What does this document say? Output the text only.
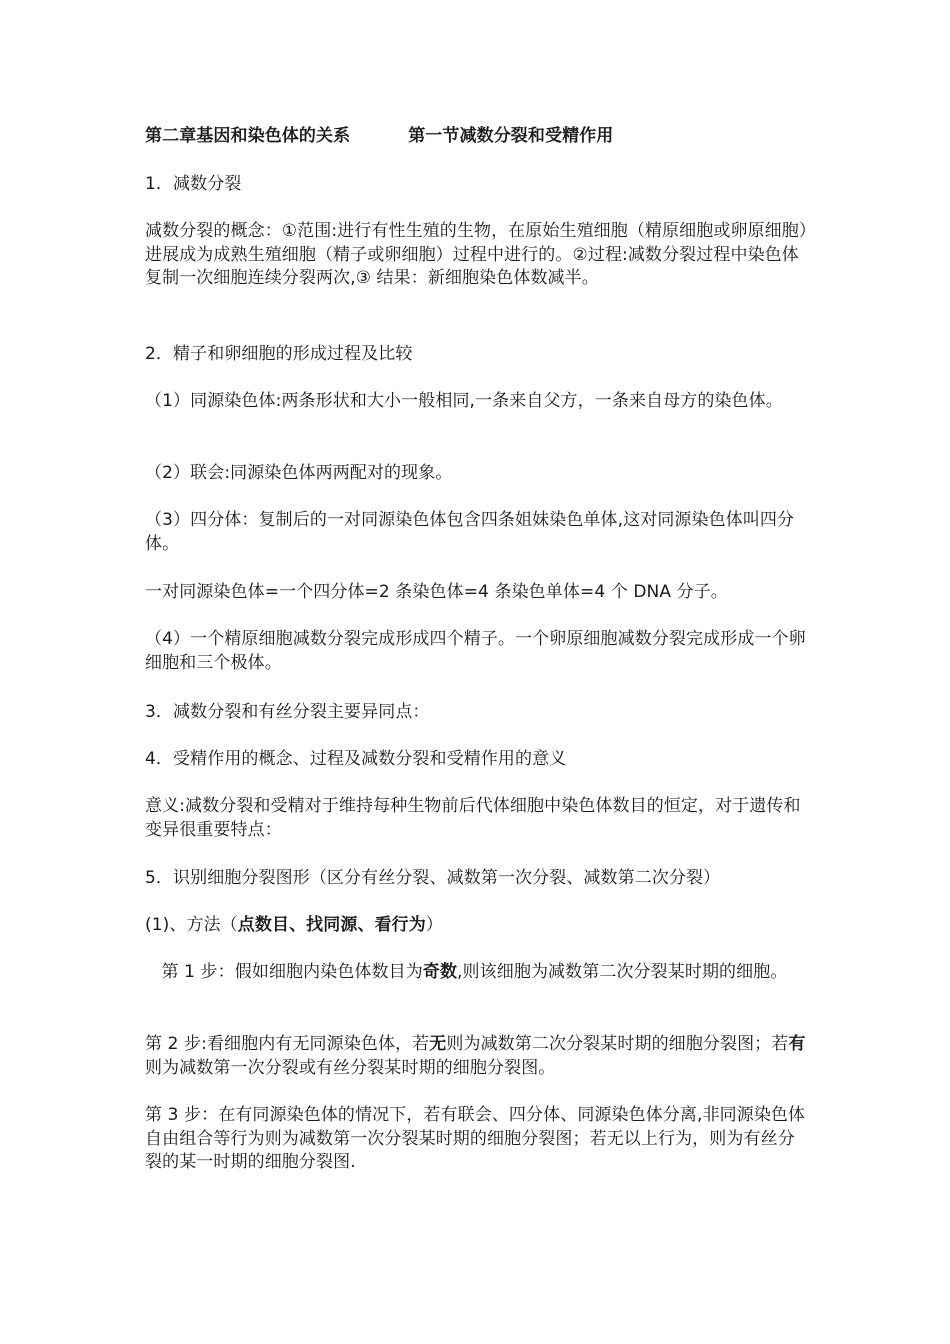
第二章基因和染色体的关系	第一节减数分裂和受精作用
1．减数分裂
减数分裂的概念：①范围:进行有性生殖的生物，在原始生殖细胞（精原细胞或卵原细胞）进展成为成熟生殖细胞（精子或卵细胞）过程中进行的。②过程:减数分裂过程中染色体复制一次细胞连续分裂两次,③ 结果：新细胞染色体数减半。
2．精子和卵细胞的形成过程及比较
（1）同源染色体:两条形状和大小一般相同,一条来自父方，一条来自母方的染色体。
（2）联会:同源染色体两两配对的现象。
（3）四分体：复制后的一对同源染色体包含四条姐妹染色单体,这对同源染色体叫四分体。
一对同源染色体=一个四分体=2 条染色体=4 条染色单体=4 个 DNA 分子。
（4）一个精原细胞减数分裂完成形成四个精子。一个卵原细胞减数分裂完成形成一个卵细胞和三个极体。
3．减数分裂和有丝分裂主要异同点：
4．受精作用的概念、过程及减数分裂和受精作用的意义
意义:减数分裂和受精对于维持每种生物前后代体细胞中染色体数目的恒定，对于遗传和变异很重要特点：
5．识别细胞分裂图形（区分有丝分裂、减数第一次分裂、减数第二次分裂）
(1)、方法（点数目、找同源、看行为）
第 1 步：假如细胞内染色体数目为奇数,则该细胞为减数第二次分裂某时期的细胞。
第 2 步:看细胞内有无同源染色体，若无则为减数第二次分裂某时期的细胞分裂图；若有则为减数第一次分裂或有丝分裂某时期的细胞分裂图。
第 3 步：在有同源染色体的情况下，若有联会、四分体、同源染色体分离,非同源染色体自由组合等行为则为减数第一次分裂某时期的细胞分裂图；若无以上行为，则为有丝分裂的某一时期的细胞分裂图.
